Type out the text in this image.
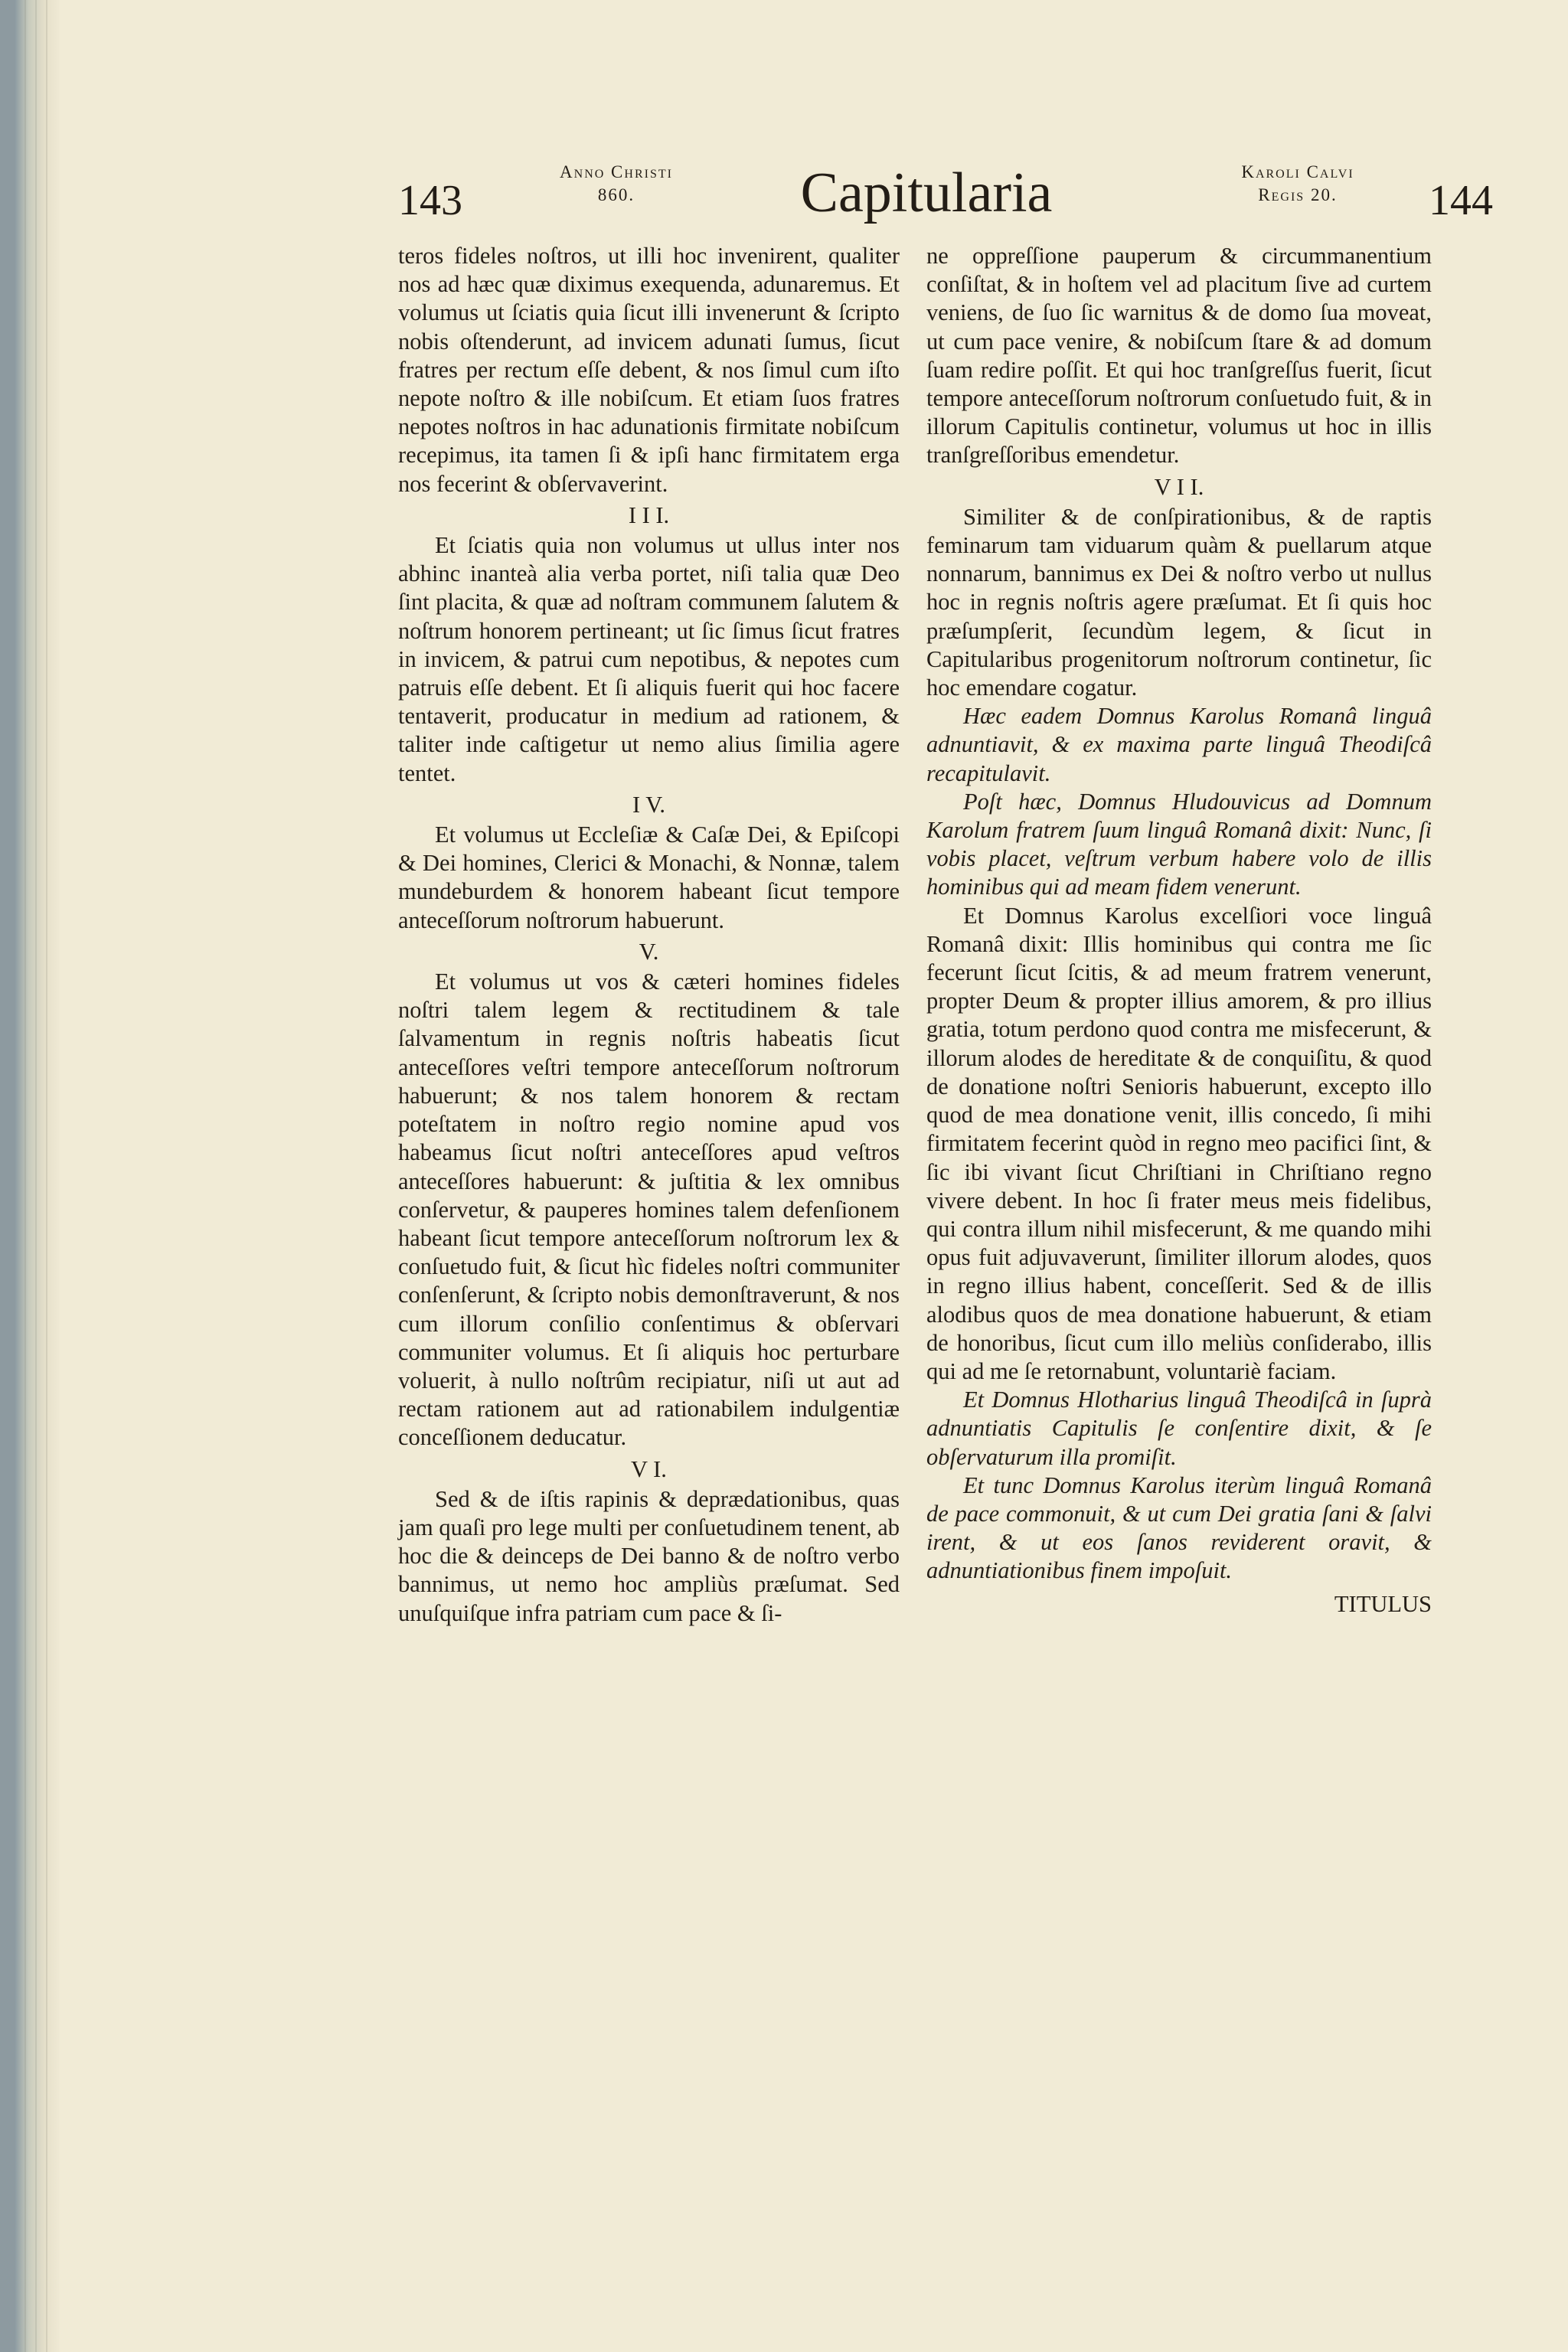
143
Anno Christi
860.	Capitularia	Karoli Calvi
Regis 20.	144

teros fideles noſtros, ut illi hoc invenirent, qualiter nos ad hæc quæ diximus exequenda, adunaremus. Et volumus ut ſciatis quia ſicut illi invenerunt & ſcripto nobis oſtenderunt, ad invicem adunati ſumus, ſicut fratres per rectum eſſe debent, & nos ſimul cum iſto nepote noſtro & ille nobiſcum. Et etiam ſuos fratres nepotes noſtros in hac adunationis firmitate nobiſcum recepimus, ita tamen ſi & ipſi hanc firmitatem erga nos fecerint & obſervaverint.

I I I.

Et ſciatis quia non volumus ut ullus inter nos abhinc inanteà alia verba portet, niſi talia quæ Deo ſint placita, & quæ ad noſtram communem ſalutem & noſtrum honorem pertineant; ut ſic ſimus ſicut fratres in invicem, & patrui cum nepotibus, & nepotes cum patruis eſſe debent. Et ſi aliquis fuerit qui hoc facere tentaverit, producatur in medium ad rationem, & taliter inde caſtigetur ut nemo alius ſimilia agere tentet.

I V.

Et volumus ut Eccleſiæ & Caſæ Dei, & Epiſcopi & Dei homines, Clerici & Monachi, & Nonnæ, talem mundeburdem & honorem habeant ſicut tempore anteceſſorum noſtrorum habuerunt.

V.

Et volumus ut vos & cæteri homines fideles noſtri talem legem & rectitudinem & tale ſalvamentum in regnis noſtris habeatis ſicut anteceſſores veſtri tempore anteceſſorum noſtrorum habuerunt; & nos talem honorem & rectam poteſtatem in noſtro regio nomine apud vos habeamus ſicut noſtri anteceſſores apud veſtros anteceſſores habuerunt: & juſtitia & lex omnibus conſervetur, & pauperes homines talem defenſionem habeant ſicut tempore anteceſſorum noſtrorum lex & conſuetudo fuit, & ſicut hìc fideles noſtri communiter conſenſerunt, & ſcripto nobis demonſtraverunt, & nos cum illorum conſilio conſentimus & obſervari communiter volumus. Et ſi aliquis hoc perturbare voluerit, à nullo noſtrûm recipiatur, niſi ut aut ad rectam rationem aut ad rationabilem indulgentiæ conceſſionem deducatur.

V I.

Sed & de iſtis rapinis & deprædationibus, quas jam quaſi pro lege multi per conſuetudinem tenent, ab hoc die & deinceps de Dei banno & de noſtro verbo bannimus, ut nemo hoc ampliùs præſumat. Sed unuſquiſque infra patriam cum pace & ſi-

ne oppreſſione pauperum & circummanentium conſiſtat, & in hoſtem vel ad placitum ſive ad curtem veniens, de ſuo ſic warnitus & de domo ſua moveat, ut cum pace venire, & nobiſcum ſtare & ad domum ſuam redire poſſit. Et qui hoc tranſgreſſus fuerit, ſicut tempore anteceſſorum noſtrorum conſuetudo fuit, & in illorum Capitulis continetur, volumus ut hoc in illis tranſgreſſoribus emendetur.

V I I.

Similiter & de conſpirationibus, & de raptis feminarum tam viduarum quàm & puellarum atque nonnarum, bannimus ex Dei & noſtro verbo ut nullus hoc in regnis noſtris agere præſumat. Et ſi quis hoc præſumpſerit, ſecundùm legem, & ſicut in Capitularibus progenitorum noſtrorum continetur, ſic hoc emendare cogatur.

Hæc eadem Domnus Karolus Romanâ linguâ adnuntiavit, & ex maxima parte linguâ Theodiſcâ recapitulavit.

Poſt hæc, Domnus Hludouvicus ad Domnum Karolum fratrem ſuum linguâ Romanâ dixit: Nunc, ſi vobis placet, veſtrum verbum habere volo de illis hominibus qui ad meam fidem venerunt.

Et Domnus Karolus excelſiori voce linguâ Romanâ dixit: Illis hominibus qui contra me ſic fecerunt ſicut ſcitis, & ad meum fratrem venerunt, propter Deum & propter illius amorem, & pro illius gratia, totum perdono quod contra me misfecerunt, & illorum alodes de hereditate & de conquiſitu, & quod de donatione noſtri Senioris habuerunt, excepto illo quod de mea donatione venit, illis concedo, ſi mihi firmitatem fecerint quòd in regno meo pacifici ſint, & ſic ibi vivant ſicut Chriſtiani in Chriſtiano regno vivere debent. In hoc ſi frater meus meis fidelibus, qui contra illum nihil misfecerunt, & me quando mihi opus fuit adjuvaverunt, ſimiliter illorum alodes, quos in regno illius habent, conceſſerit. Sed & de illis alodibus quos de mea donatione habuerunt, & etiam de honoribus, ſicut cum illo meliùs conſiderabo, illis qui ad me ſe retornabunt, voluntariè faciam.

Et Domnus Hlotharius linguâ Theodiſcâ in ſuprà adnuntiatis Capitulis ſe conſentire dixit, & ſe obſervaturum illa promiſit.

Et tunc Domnus Karolus iterùm linguâ Romanâ de pace commonuit, & ut cum Dei gratia ſani & ſalvi irent, & ut eos ſanos reviderent oravit, & adnuntiationibus finem impoſuit.

TITULUS
